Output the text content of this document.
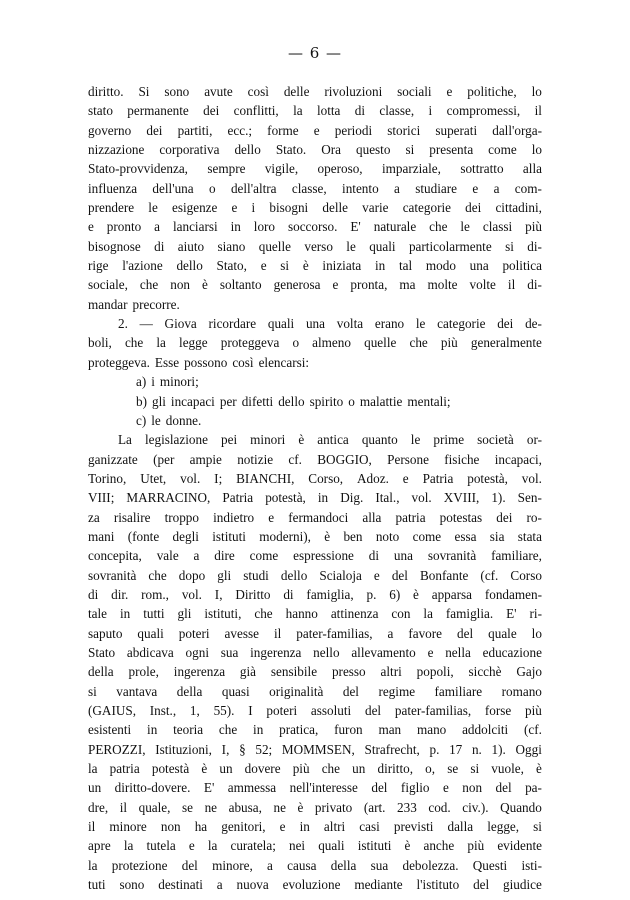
— 6 —
diritto. Si sono avute così delle rivoluzioni sociali e politiche, lo
stato permanente dei conflitti, la lotta di classe, i compromessi, il
governo dei partiti, ecc.; forme e periodi storici superati dall'orga-
nizzazione corporativa dello Stato. Ora questo si presenta come lo
Stato-provvidenza, sempre vigile, operoso, imparziale, sottratto alla
influenza dell'una o dell'altra classe, intento a studiare e a com-
prendere le esigenze e i bisogni delle varie categorie dei cittadini,
e pronto a lanciarsi in loro soccorso. E' naturale che le classi più
bisognose di aiuto siano quelle verso le quali particolarmente si di-
rige l'azione dello Stato, e si è iniziata in tal modo una politica
sociale, che non è soltanto generosa e pronta, ma molte volte il di-
mandar precorre.
2. — Giova ricordare quali una volta erano le categorie dei de-
boli, che la legge proteggeva o almeno quelle che più generalmente
proteggeva. Esse possono così elencarsi:
a) i minori;
b) gli incapaci per difetti dello spirito o malattie mentali;
c) le donne.
La legislazione pei minori è antica quanto le prime società or-
ganizzate (per ampie notizie cf. BOGGIO, Persone fisiche incapaci,
Torino, Utet, vol. I; BIANCHI, Corso, Adoz. e Patria potestà, vol.
VIII; MARRACINO, Patria potestà, in Dig. Ital., vol. XVIII, 1). Sen-
za risalire troppo indietro e fermandoci alla patria potestas dei ro-
mani (fonte degli istituti moderni), è ben noto come essa sia stata
concepita, vale a dire come espressione di una sovranità familiare,
sovranità che dopo gli studi dello Scialoja e del Bonfante (cf. Corso
di dir. rom., vol. I, Diritto di famiglia, p. 6) è apparsa fondamen-
tale in tutti gli istituti, che hanno attinenza con la famiglia. E' ri-
saputo quali poteri avesse il pater-familias, a favore del quale lo
Stato abdicava ogni sua ingerenza nello allevamento e nella educazione
della prole, ingerenza già sensibile presso altri popoli, sicchè Gajo
si vantava della quasi originalità del regime familiare romano
(GAIUS, Inst., 1, 55). I poteri assoluti del pater-familias, forse più
esistenti in teoria che in pratica, furon man mano addolciti (cf.
PEROZZI, Istituzioni, I, § 52; MOMMSEN, Strafrecht, p. 17 n. 1). Oggi
la patria potestà è un dovere più che un diritto, o, se si vuole, è
un diritto-dovere. E' ammessa nell'interesse del figlio e non del pa-
dre, il quale, se ne abusa, ne è privato (art. 233 cod. civ.). Quando
il minore non ha genitori, e in altri casi previsti dalla legge, si
apre la tutela e la curatela; nei quali istituti è anche più evidente
la protezione del minore, a causa della sua debolezza. Questi isti-
tuti sono destinati a nuova evoluzione mediante l'istituto del giudice
